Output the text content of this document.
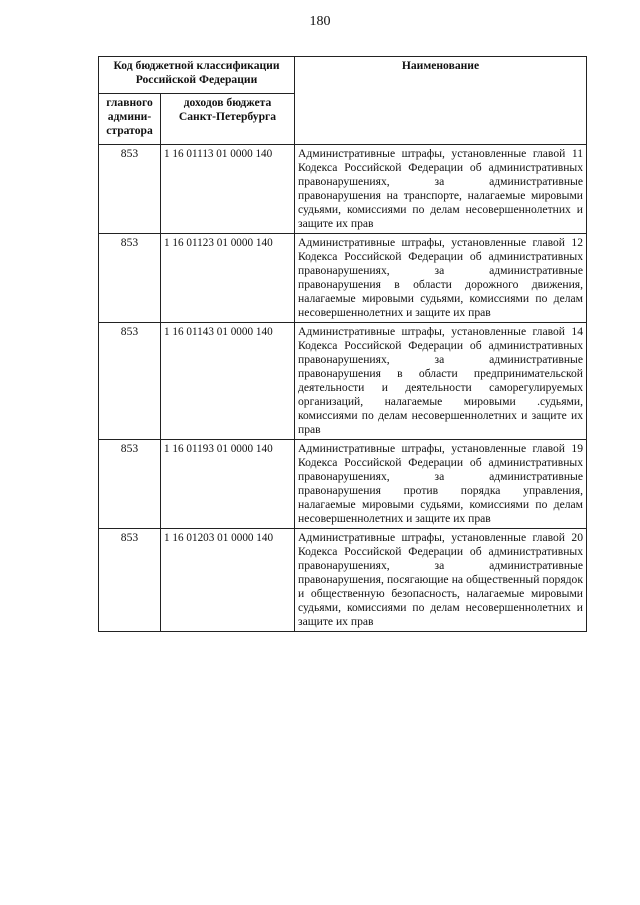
180
Код бюджетной классификации Российской Федерации		Наименование
главного админи-стратора	доходов бюджета Санкт-Петербурга	
853	1 16 01113 01 0000 140	Административные штрафы, установленные главой 11 Кодекса Российской Федерации об административных правонарушениях, за административные правонарушения на транспорте, налагаемые мировыми судьями, комиссиями по делам несовершеннолетних и защите их прав
853	1 16 01123 01 0000 140	Административные штрафы, установленные главой 12 Кодекса Российской Федерации об административных правонарушениях, за административные правонарушения в области дорожного движения, налагаемые мировыми судьями, комиссиями по делам несовершеннолетних и защите их прав
853	1 16 01143 01 0000 140	Административные штрафы, установленные главой 14 Кодекса Российской Федерации об административных правонарушениях, за административные правонарушения в области предпринимательской деятельности и деятельности саморегулируемых организаций, налагаемые мировыми .судьями, комиссиями по делам несовершеннолетних и защите их прав
853	1 16 01193 01 0000 140	Административные штрафы, установленные главой 19 Кодекса Российской Федерации об административных правонарушениях, за административные правонарушения против порядка управления, налагаемые мировыми судьями, комиссиями по делам несовершеннолетних и защите их прав
853	1 16 01203 01 0000 140	Административные штрафы, установленные главой 20 Кодекса Российской Федерации об административных правонарушениях, за административные правонарушения, посягающие на общественный порядок и общественную безопасность, налагаемые мировыми судьями, комиссиями по делам несовершеннолетних и защите их прав
